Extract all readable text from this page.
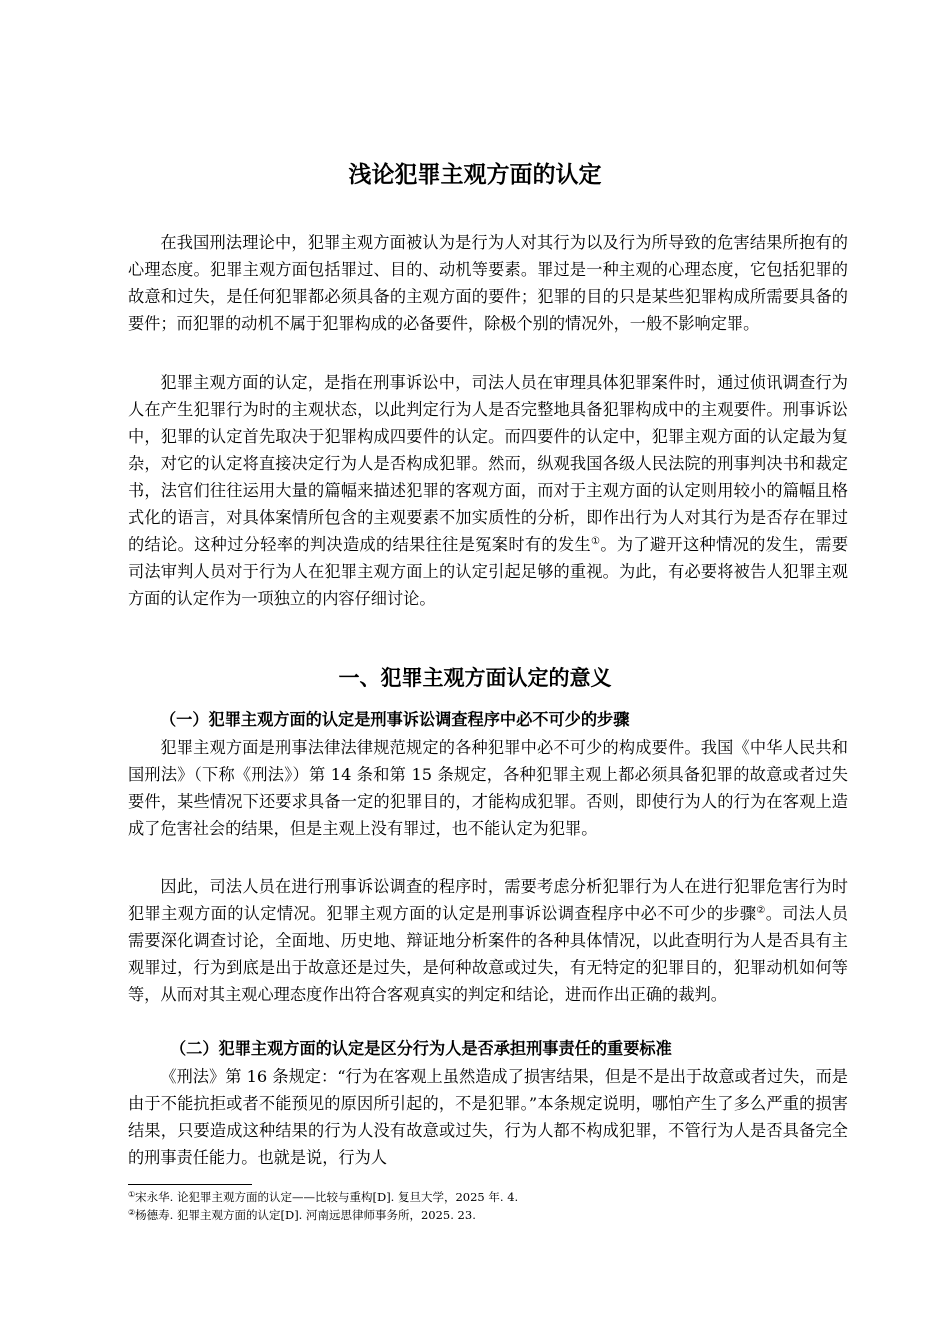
浅论犯罪主观方面的认定

在我国刑法理论中，犯罪主观方面被认为是行为人对其行为以及行为所导致的危害结果所抱有的心理态度。犯罪主观方面包括罪过、目的、动机等要素。罪过是一种主观的心理态度，它包括犯罪的故意和过失，是任何犯罪都必须具备的主观方面的要件；犯罪的目的只是某些犯罪构成所需要具备的要件；而犯罪的动机不属于犯罪构成的必备要件，除极个别的情况外，一般不影响定罪。

犯罪主观方面的认定，是指在刑事诉讼中，司法人员在审理具体犯罪案件时，通过侦讯调查行为人在产生犯罪行为时的主观状态，以此判定行为人是否完整地具备犯罪构成中的主观要件。刑事诉讼中，犯罪的认定首先取决于犯罪构成四要件的认定。而四要件的认定中，犯罪主观方面的认定最为复杂，对它的认定将直接决定行为人是否构成犯罪。然而，纵观我国各级人民法院的刑事判决书和裁定书，法官们往往运用大量的篇幅来描述犯罪的客观方面，而对于主观方面的认定则用较小的篇幅且格式化的语言，对具体案情所包含的主观要素不加实质性的分析，即作出行为人对其行为是否存在罪过的结论。这种过分轻率的判决造成的结果往往是冤案时有的发生①。为了避开这种情况的发生，需要司法审判人员对于行为人在犯罪主观方面上的认定引起足够的重视。为此，有必要将被告人犯罪主观方面的认定作为一项独立的内容仔细讨论。

一、犯罪主观方面认定的意义
（一）犯罪主观方面的认定是刑事诉讼调查程序中必不可少的步骤

犯罪主观方面是刑事法律法律规范规定的各种犯罪中必不可少的构成要件。我国《中华人民共和国刑法》（下称《刑法》）第 14 条和第 15 条规定，各种犯罪主观上都必须具备犯罪的故意或者过失要件，某些情况下还要求具备一定的犯罪目的，才能构成犯罪。否则，即使行为人的行为在客观上造成了危害社会的结果，但是主观上没有罪过，也不能认定为犯罪。

因此，司法人员在进行刑事诉讼调查的程序时，需要考虑分析犯罪行为人在进行犯罪危害行为时犯罪主观方面的认定情况。犯罪主观方面的认定是刑事诉讼调查程序中必不可少的步骤②。司法人员需要深化调查讨论，全面地、历史地、辩证地分析案件的各种具体情况，以此查明行为人是否具有主观罪过，行为到底是出于故意还是过失，是何种故意或过失，有无特定的犯罪目的，犯罪动机如何等等，从而对其主观心理态度作出符合客观真实的判定和结论，进而作出正确的裁判。

（二）犯罪主观方面的认定是区分行为人是否承担刑事责任的重要标准

《刑法》第 16 条规定：“行为在客观上虽然造成了损害结果，但是不是出于故意或者过失，而是由于不能抗拒或者不能预见的原因所引起的，不是犯罪。”本条规定说明，哪怕产生了多么严重的损害结果，只要造成这种结果的行为人没有故意或过失，行为人都不构成犯罪，不管行为人是否具备完全的刑事责任能力。也就是说，行为人

①宋永华. 论犯罪主观方面的认定——比较与重构[D]. 复旦大学，2025 年. 4.

②杨德寿. 犯罪主观方面的认定[D]. 河南远思律师事务所，2025. 23.
